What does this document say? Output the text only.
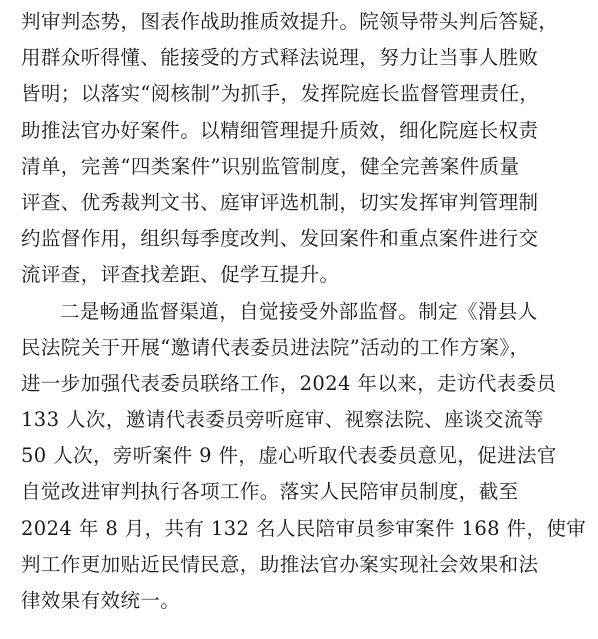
判审判态势，图表作战助推质效提升。院领导带头判后答疑，
用群众听得懂、能接受的方式释法说理，努力让当事人胜败
皆明；以落实“阅核制”为抓手，发挥院庭长监督管理责任，
助推法官办好案件。以精细管理提升质效，细化院庭长权责
清单，完善“四类案件”识别监管制度，健全完善案件质量
评查、优秀裁判文书、庭审评选机制，切实发挥审判管理制
约监督作用，组织每季度改判、发回案件和重点案件进行交
流评查，评查找差距、促学互提升。
二是畅通监督渠道，自觉接受外部监督。制定《滑县人
民法院关于开展“邀请代表委员进法院”活动的工作方案》，
进一步加强代表委员联络工作，2024 年以来，走访代表委员
133 人次，邀请代表委员旁听庭审、视察法院、座谈交流等
50 人次，旁听案件 9 件，虚心听取代表委员意见，促进法官
自觉改进审判执行各项工作。落实人民陪审员制度，截至
2024 年 8 月，共有 132 名人民陪审员参审案件 168 件，使审
判工作更加贴近民情民意，助推法官办案实现社会效果和法
律效果有效统一。
